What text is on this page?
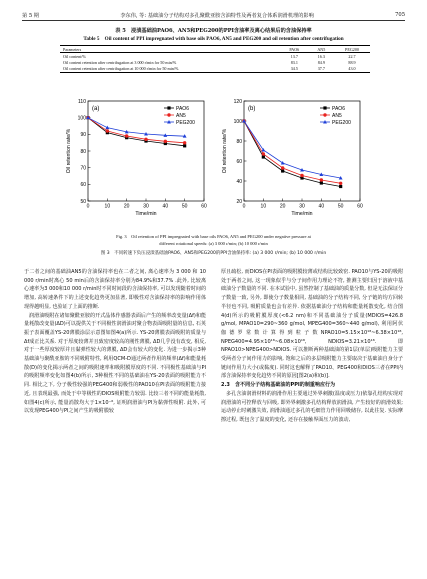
第 5 期	李东伟, 等: 基础油分子结构对多孔聚酰亚胺含油特性及两者复合体系润滑机理的影响	705
表 5　浸渍基础油PAO6、AN5和PEG200的PPI含油率及离心结果后的含油保持率
Table 5　Oil content of PPI impregnated with base oils PAO6, AN5 and PEG200 and oil retention after centrifugation
Parameters	PAO6	AN5	PEG200
Oil content/%	13.7	16.3	22.7
Oil content retention after centrifugation at 3 000 r/min for 50 min/%	83.1	84.9	88.9
Oil content retention after centrifugation at 10 000 r/min for 50 min/%	34.5	37.7	43.0
50
60
70
80
90
100
110
0	10	20	30	40	50	60
Time/min
Oil retention rate/%
(a)	PAO6
AN5
PEG200
20
40
60
80
100
120
0	10	20	30	40	50	60
Time/min
Oil retention rate/%
(b)	PAO6
AN5
PEG200
Fig. 3　Oil retention of PPI impregnated with base oils PAO6, AN5 and PEG200 under negative pressure at
different rotational speeds: (a) 3 000 r/min; (b) 10 000 r/min
图 3　不同转速下负压浸渍基础油PAO6、AN5和PEG200的PPI含油保持率: (a) 3 000 r/min; (b) 10 000 r/min

于二者之间的基础油AN5的含油保持率也在二者之间, 离心速率为 3 000 和 10 000 r/min时离心 50 min后的含油保持率分别为84.9%和37.7% .此外, 比较离心速率为3 000和10 000 r/min时不同时间段的含油保持率, 可以发现随着时间的增加, 高转速条件下的上述变化趋势更加显著, 即极性对含油保持率的影响作用体现得越明显, 也验证了上面的推断.

润滑油吸附在诸如聚酰亚胺的开式晶体作感器表面后产生的频率改变量(Δf)和能量耗散改变量(ΔD)可以提供关于不同极性润滑油对聚合物表面吸附量的信息, 石英振子表面覆盖YS-20薄膜涂层示意图如图4(a)所示. YS-20薄膜表面吸附的质量与Δf成正比关系. 对于厚度较薄并且致密度较高的刚性薄膜, ΔD几乎没有改变, 相反, 对于一些厚度较厚并且黏弹性较大的薄膜, ΔD会有较大的变化. 为进一步揭示3种基础油与聚酰亚胺的不同吸附特性, 利用QCM-D通过两者作用的频率(Δf)和能量耗散(D)的变化揭示两者之间的吸附速率和吸附膜厚度的不同. 不同极性基础油与PI的吸附频率变化如图4(b)所示, 3种极性不同的基础油在YS-20表面的吸附能力不同. 相比之下, 分子极性较强的PEG400和弱极性的PAO10在PI表面的吸附能力接近, 且表现最强, 而处于中等极性的DIOS吸附能力较弱. 比较三者不同的能量耗散, 如图4(c)所示, 能量消散均大于1×10⁻⁶, 证明润滑油与PI为黏弹性吸附. 此外, 可以发现PEG400与PI之间产生的吸附膜较

厚且疏松, 而DIOS在PI表面的吸附膜较薄或结构比较致密. PAO10与YS-20的吸附处于两者之间, 这一现象似乎与分子间作用力理论不符, 推测主要归因于溶液中基础油分子数量的不同. 在本试验中, 虽然控制了基础油的质量分数, 但是无法保证分子数量一致, 另外, 即使分子数量相同, 基础油的分子结构不同, 分子链的均方回转半径也不同, 吸附质量也会有差异. 依据基础油分子结构和能量耗散变化, 结合图4(d)所示的吸附膜厚度(<6.2 nm)和不同基础油分子质量(MDIOS=426.8 g/mol, MPAO10=290~360 g/mol, MPEG400=360~440 g/mol), 利用阿伏伽德罗常数计算得到粒子数NPAO10=5.15×10¹⁸~6.38×10¹⁸, NPEG400=4.95×10¹⁸~6.08×10¹⁸, NDIOS=3.21×10¹⁸. 即NPAO10>NPEG400>NDIOS. 可以推断两种基础油的第1层(单层)吸附能力主要受两者分子间作用力的影响, 饱和之后的多层吸附能力主要取决于基础油自身分子链间作用力大小(或黏度). 同时这也解释了PAO10、PEG400和DIOS三者在PPI内部含油保持率变化趋势不同的原因[图2(a)和(b)].

2.3　含不同分子结构基础油的PPI的制重响应行为

多孔含油润滑材料的润滑作用主要通过外界刺激(温度或压力)依靠孔结构实现对润滑油的可控释放与回吸, 即外界刺激多孔结构释放润滑油, 产生较好的润滑效果; 运动停止时刺激失效, 润滑油通过多孔的毛细管力作用回吸储存, 以此往复. 实际摩擦过程, 既包含了温度的变化, 还存在接触界面压力的波动,
